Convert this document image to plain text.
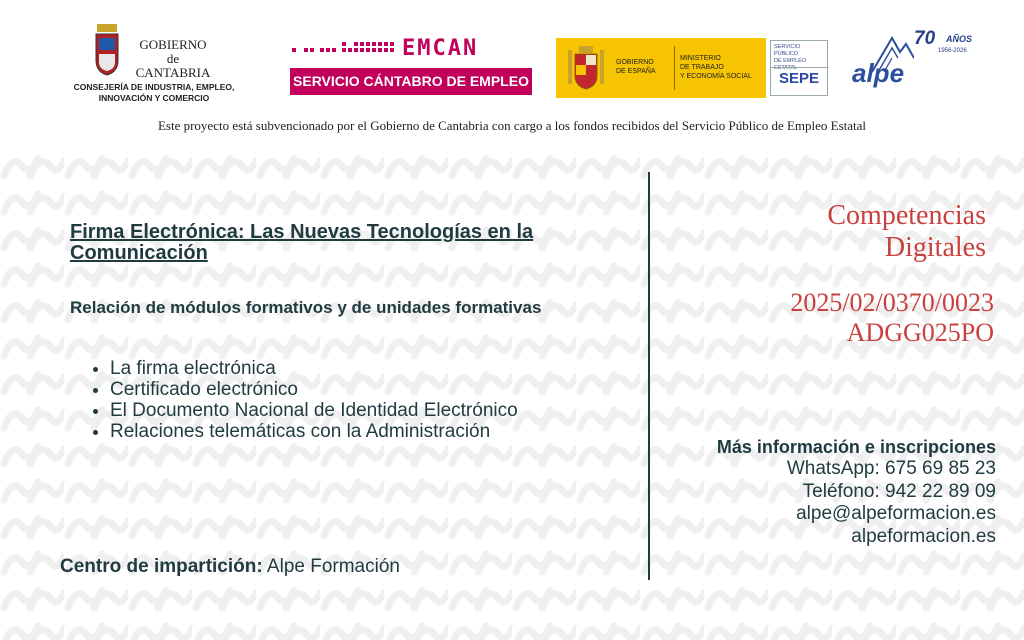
GOBIERNO
de
CANTABRIA
CONSEJERÍA DE INDUSTRIA, EMPLEO,
INNOVACIÓN Y COMERCIO
EMCAN
SERVICIO CÁNTABRO DE EMPLEO
GOBIERNO
DE ESPAÑA
MINISTERIO
DE TRABAJO
Y ECONOMÍA SOCIAL
SERVICIO PÚBLICO
DE EMPLEO ESTATAL
SEPE
70 AÑOS
1956-2026
alpe
Este proyecto está subvencionado por el Gobierno de Cantabria con cargo a los fondos recibidos del Servicio Público de Empleo Estatal
Firma Electrónica: Las Nuevas Tecnologías en la Comunicación
Relación de módulos formativos y de unidades formativas
• La firma electrónica
• Certificado electrónico
• El Documento Nacional de Identidad Electrónico
• Relaciones telemáticas con la Administración
Centro de impartición: Alpe Formación
Competencias
Digitales
2025/02/0370/0023
ADGG025PO
Más información e inscripciones
WhatsApp: 675 69 85 23
Teléfono: 942 22 89 09
alpe@alpeformacion.es
alpeformacion.es
